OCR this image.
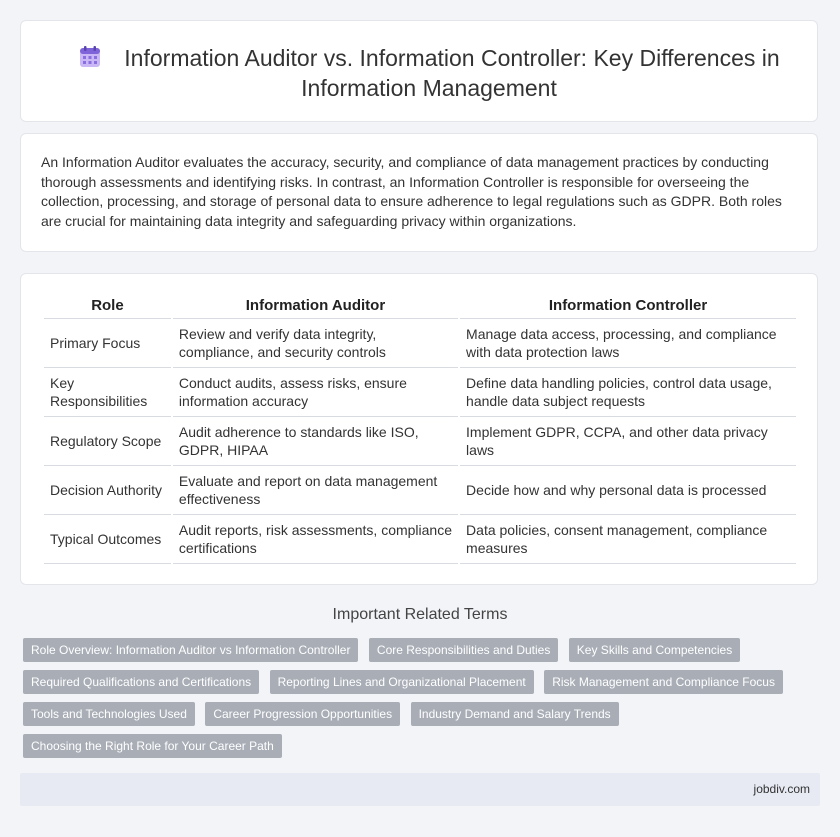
Information Auditor vs. Information Controller: Key Differences in Information Management

An Information Auditor evaluates the accuracy, security, and compliance of data management practices by conducting thorough assessments and identifying risks. In contrast, an Information Controller is responsible for overseeing the collection, processing, and storage of personal data to ensure adherence to legal regulations such as GDPR. Both roles are crucial for maintaining data integrity and safeguarding privacy within organizations.

Role	Information Auditor	Information Controller
Primary Focus	Review and verify data integrity, compliance, and security controls	Manage data access, processing, and compliance with data protection laws
Key Responsibilities	Conduct audits, assess risks, ensure information accuracy	Define data handling policies, control data usage, handle data subject requests
Regulatory Scope	Audit adherence to standards like ISO, GDPR, HIPAA	Implement GDPR, CCPA, and other data privacy laws
Decision Authority	Evaluate and report on data management effectiveness	Decide how and why personal data is processed
Typical Outcomes	Audit reports, risk assessments, compliance certifications	Data policies, consent management, compliance measures
Important Related Terms
Role Overview: Information Auditor vs Information Controller Core Responsibilities and Duties Key Skills and Competencies Required Qualifications and Certifications Reporting Lines and Organizational Placement Risk Management and Compliance Focus Tools and Technologies Used Career Progression Opportunities Industry Demand and Salary Trends Choosing the Right Role for Your Career Path
jobdiv.com
